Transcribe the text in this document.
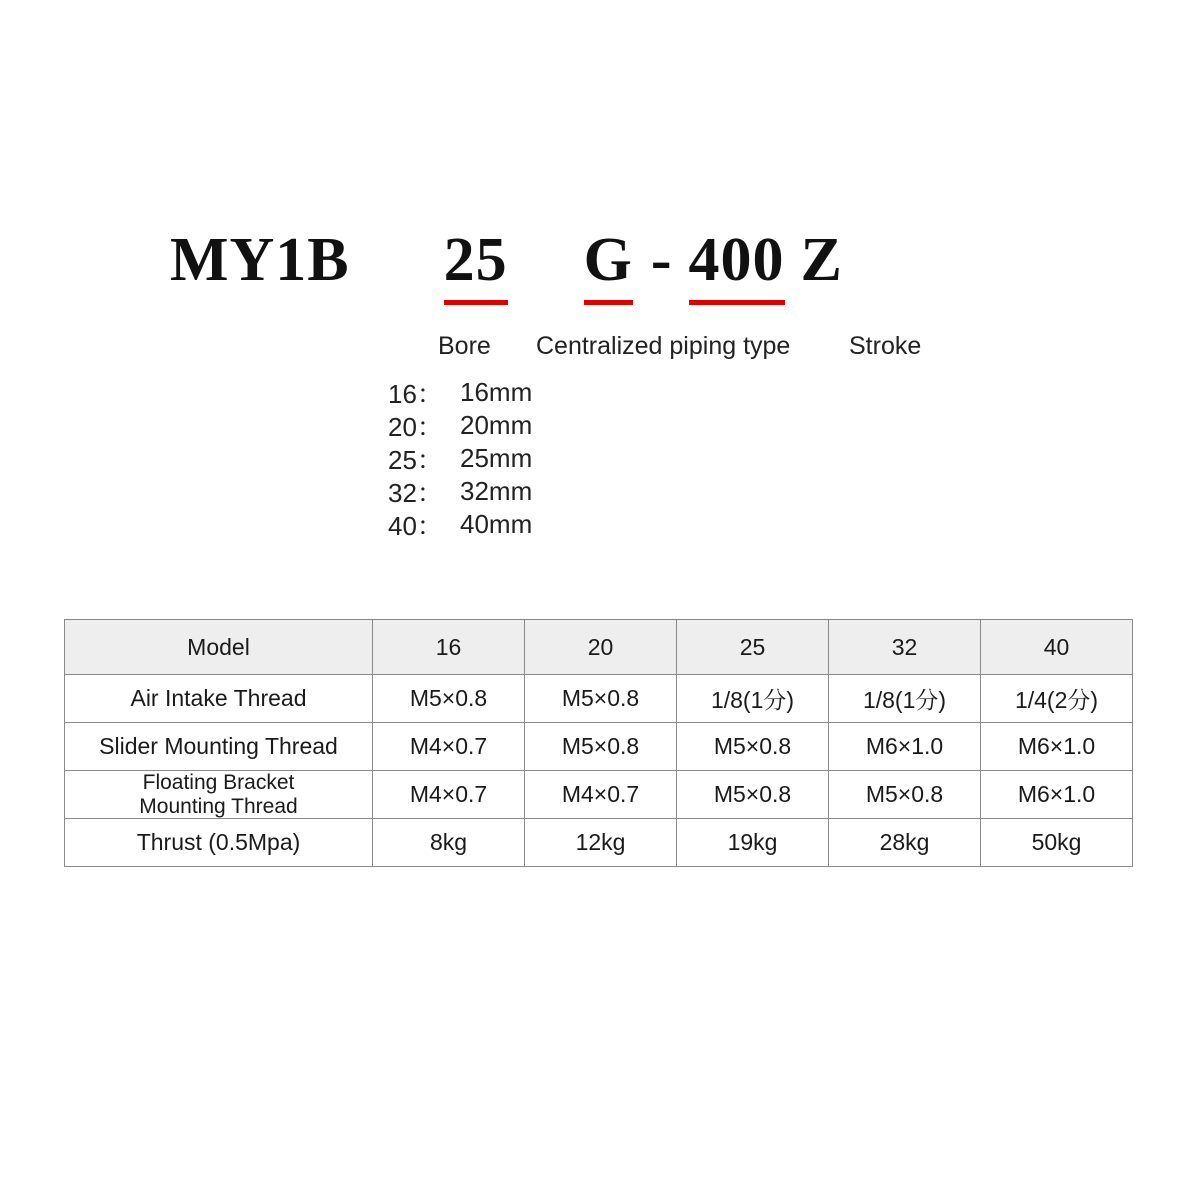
MY1B 25 G - 400 Z
Bore Centralized piping type Stroke
16： 16mm
20： 20mm
25： 25mm
32： 32mm
40： 40mm
Model	16	20	25	32	40
Air Intake Thread	M5×0.8	M5×0.8	1/8(1分)	1/8(1分)	1/4(2分)
Slider Mounting Thread	M4×0.7	M5×0.8	M5×0.8	M6×1.0	M6×1.0

Floating Bracket
Mounting Thread	M4×0.7	M4×0.7	M5×0.8	M5×0.8	M6×1.0
Thrust (0.5Mpa)	8kg	12kg	19kg	28kg	50kg
